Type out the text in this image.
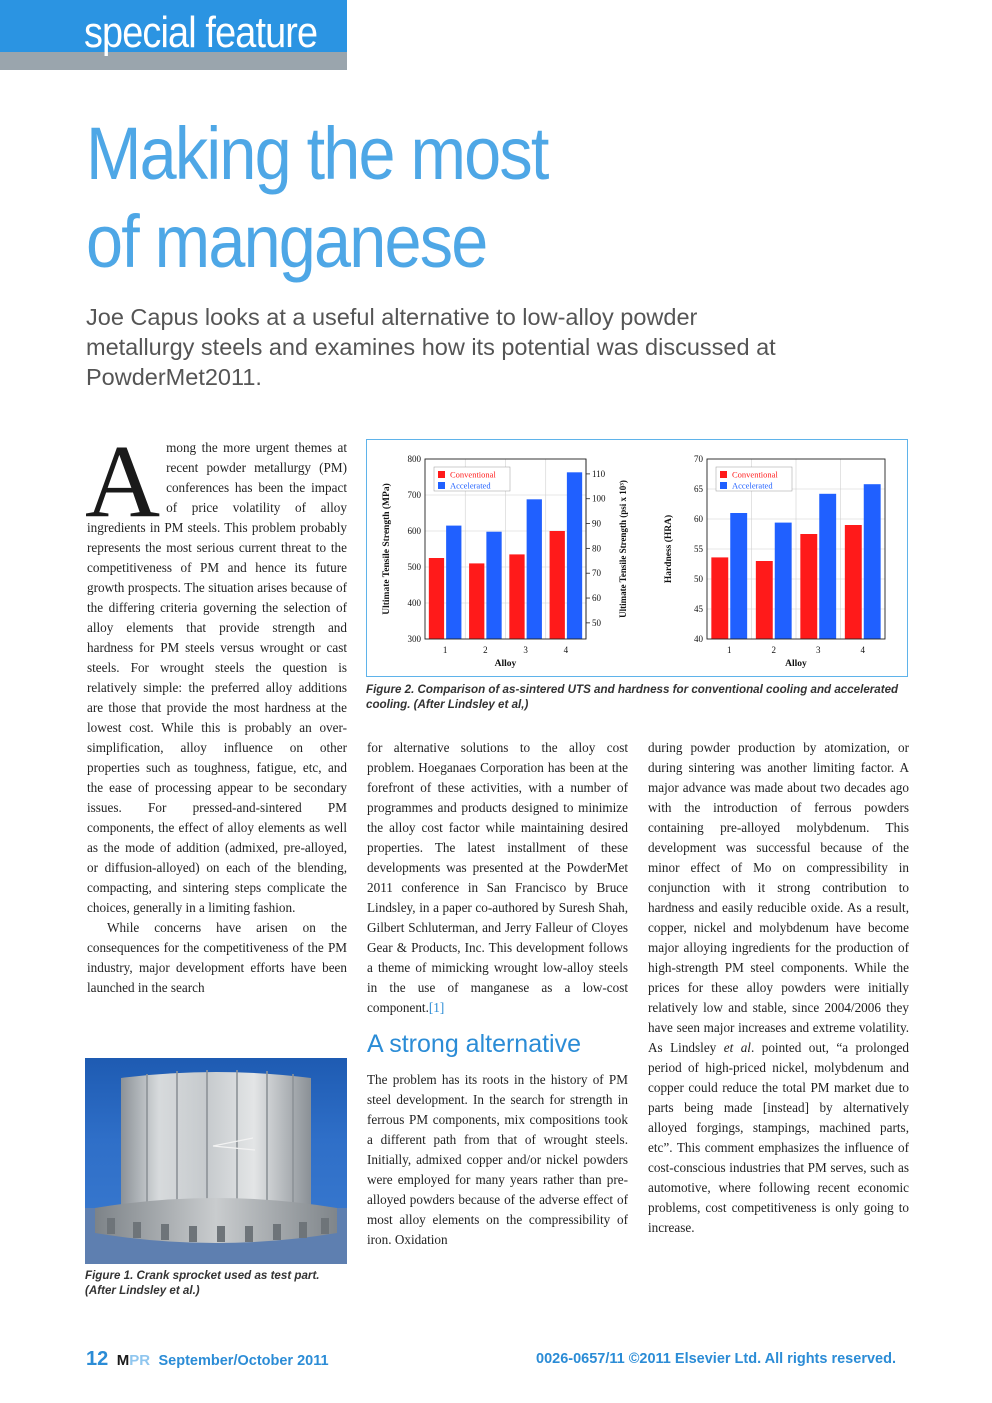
special feature
Making the most
of manganese
Joe Capus looks at a useful alternative to low-alloy powder metallurgy steels and examines how its potential was discussed at PowderMet2011.

Among the more urgent themes at recent powder metallurgy (PM) conferences has been the impact of price volatility of alloy ingredients in PM steels. This problem probably represents the most serious current threat to the competitiveness of PM and hence its future growth prospects. The situation arises because of the differing criteria governing the selection of alloy elements that provide strength and hardness for PM steels versus wrought or cast steels. For wrought steels the question is relatively simple: the preferred alloy additions are those that provide the most hardness at the lowest cost. While this is probably an over-simplification, alloy influence on other properties such as toughness, fatigue, etc, and the ease of processing appear to be secondary issues. For pressed-and-sintered PM components, the effect of alloy elements as well as the mode of addition (admixed, pre-alloyed, or diffusion-alloyed) on each of the blending, compacting, and sintering steps complicate the choices, generally in a limiting fashion.

While concerns have arisen on the consequences for the competitiveness of the PM industry, major development efforts have been launched in the search

300
400
500
600
700
800
1	2	3	4
Alloy
Ultimate Tensile Strength (MPa)
Conventional
Accelerated
50
60
70
80
90
100
110
Ultimate Tensile Strength (psi x 10³)
40
45
50
55
60
65
70
1	2	3	4
Alloy
Hardness (HRA)
Conventional
Accelerated
Figure 2. Comparison of as-sintered UTS and hardness for conventional cooling and accelerated cooling. (After Lindsley et al,)

for alternative solutions to the alloy cost problem. Hoeganaes Corporation has been at the forefront of these activities, with a number of programmes and products designed to minimize the alloy cost factor while maintaining desired properties. The latest installment of these developments was presented at the PowderMet 2011 conference in San Francisco by Bruce Lindsley, in a paper co-authored by Suresh Shah, Gilbert Schluterman, and Jerry Falleur of Cloyes Gear & Products, Inc. This development follows a theme of mimicking wrought low-alloy steels in the use of manganese as a low-cost component.[1]

A strong alternative

The problem has its roots in the history of PM steel development. In the search for strength in ferrous PM components, mix compositions took a different path from that of wrought steels. Initially, admixed copper and/or nickel powders were employed for many years rather than pre-alloyed powders because of the adverse effect of most alloy elements on the compressibility of iron. Oxidation

during powder production by atomization, or during sintering was another limiting factor. A major advance was made about two decades ago with the introduction of ferrous powders containing pre-alloyed molybdenum. This development was successful because of the minor effect of Mo on compressibility in conjunction with it strong contribution to hardness and easily reducible oxide. As a result, copper, nickel and molybdenum have become major alloying ingredients for the production of high-strength PM steel components. While the prices for these alloy powders were initially relatively low and stable, since 2004/2006 they have seen major increases and extreme volatility. As Lindsley et al. pointed out, “a prolonged period of high-priced nickel, molybdenum and copper could reduce the total PM market due to parts being made [instead] by alternatively alloyed forgings, stampings, machined parts, etc”. This comment emphasizes the influence of cost-conscious industries that PM serves, such as automotive, where following recent economic problems, cost competitiveness is only going to increase.

Figure 1. Crank sprocket used as test part. (After Lindsley et al.)
12 MPR September/October 2011	0026-0657/11 ©2011 Elsevier Ltd. All rights reserved.
